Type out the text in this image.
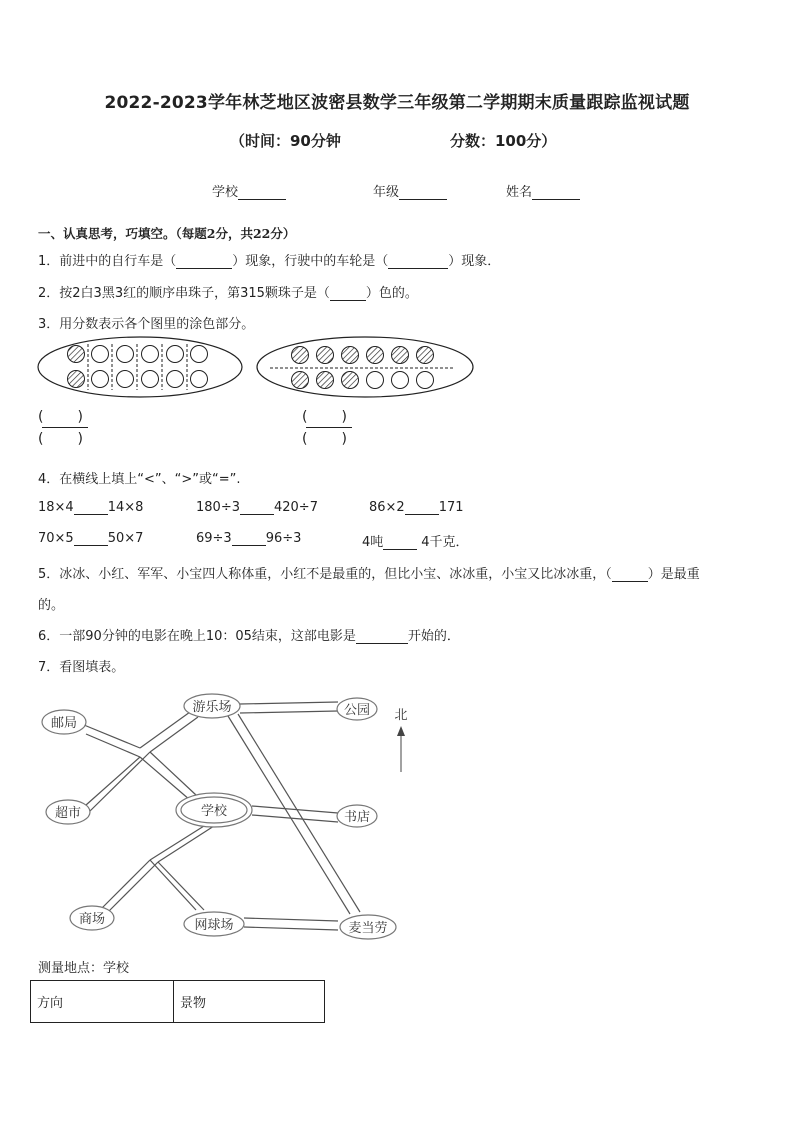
2022-2023学年林芝地区波密县数学三年级第二学期期末质量跟踪监视试题
（时间：90分钟	分数：100分）
学校	年级	姓名
一、认真思考，巧填空。（每题2分，共22分）
1．前进中的自行车是（	）现象，行驶中的车轮是（	）现象．
2．按2白3黑3红的顺序串珠子，第315颗珠子是（	）色的。
3．用分数表示各个图里的涂色部分。
( )
( )
( )
( )
4．在横线上填上“<”、“>”或“=”.
18×4	14×8	180÷3	420÷7	86×2	171
70×5	50×7	69÷3	96÷3	4吨	4千克．
5．冰冰、小红、军军、小宝四人称体重，小红不是最重的，但比小宝、冰冰重，小宝又比冰冰重，（	）是最重
的。
6．一部90分钟的电影在晚上10：05结束，这部电影是	开始的．
7．看图填表。
邮局
游乐场	公园
超市	学校	书店
商场	网球场	麦当劳
北
测量地点：学校
方向	景物
